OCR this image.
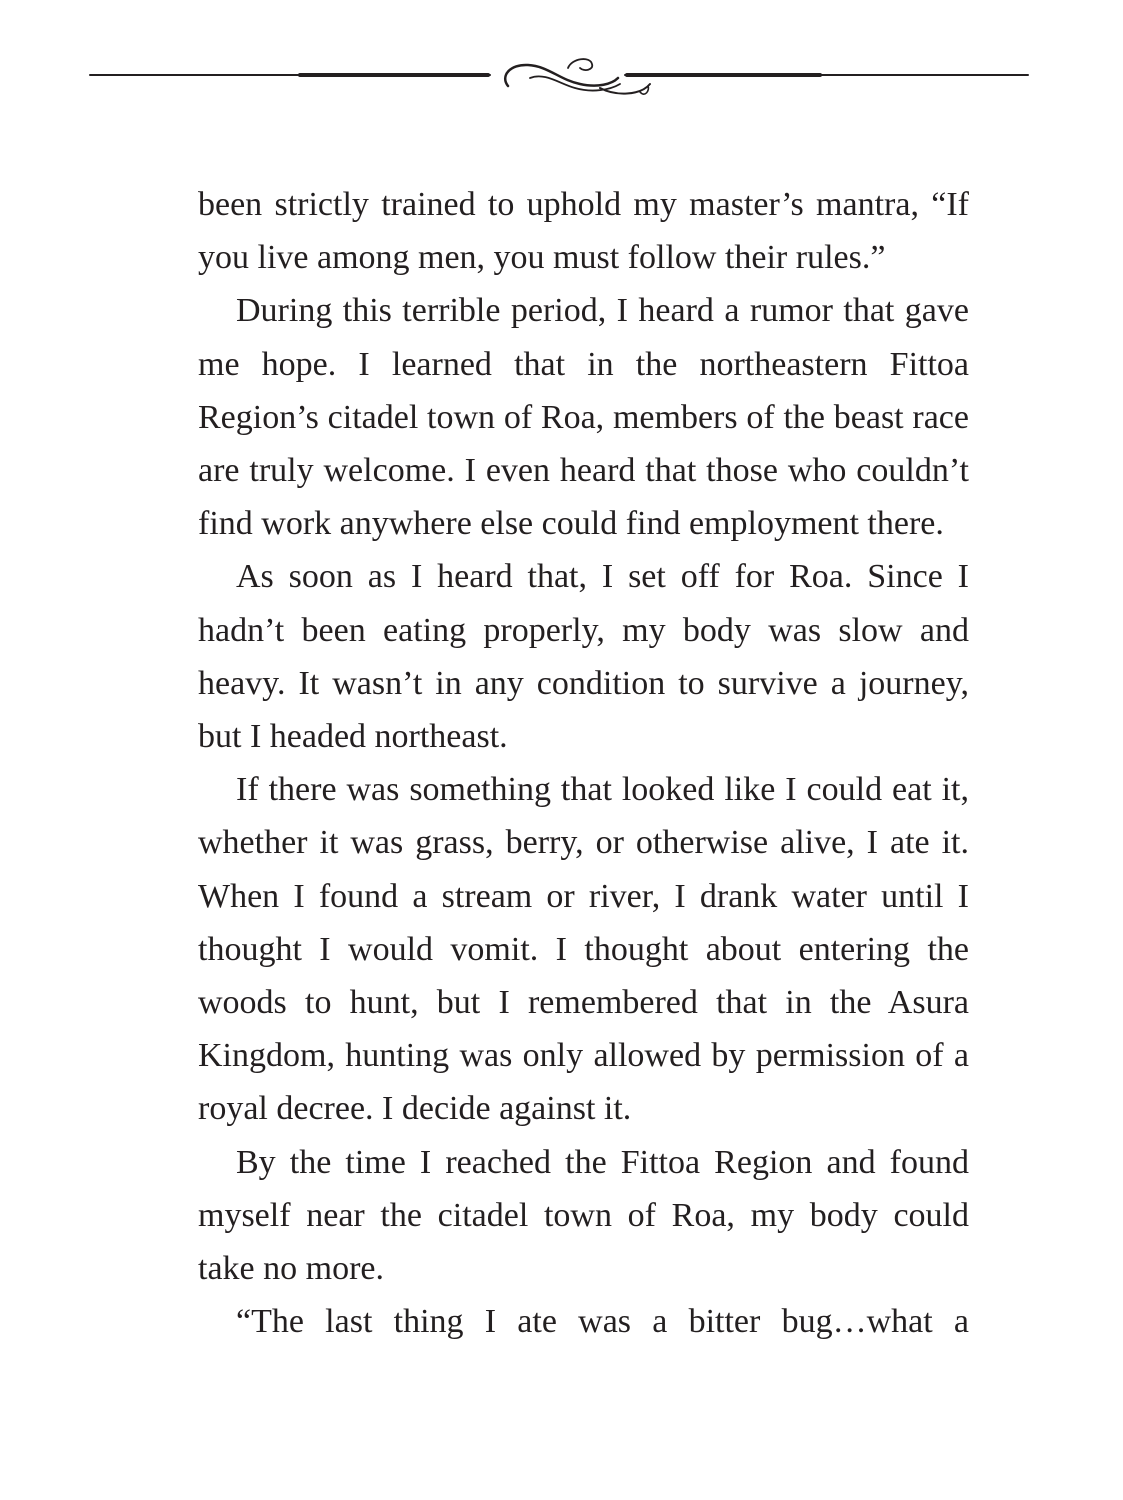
been strictly trained to uphold my master’s mantra, “If you live among men, you must follow their rules.”

During this terrible period, I heard a rumor that gave me hope. I learned that in the northeastern Fittoa Region’s citadel town of Roa, members of the beast race are truly welcome. I even heard that those who couldn’t find work anywhere else could find employment there.

As soon as I heard that, I set off for Roa. Since I hadn’t been eating properly, my body was slow and heavy. It wasn’t in any condition to survive a journey, but I headed northeast.

If there was something that looked like I could eat it, whether it was grass, berry, or otherwise alive, I ate it. When I found a stream or river, I drank water until I thought I would vomit. I thought about entering the woods to hunt, but I remembered that in the Asura Kingdom, hunting was only allowed by permission of a royal decree. I decide against it.

By the time I reached the Fittoa Region and found myself near the citadel town of Roa, my body could take no more.

“The last thing I ate was a bitter bug…what a
